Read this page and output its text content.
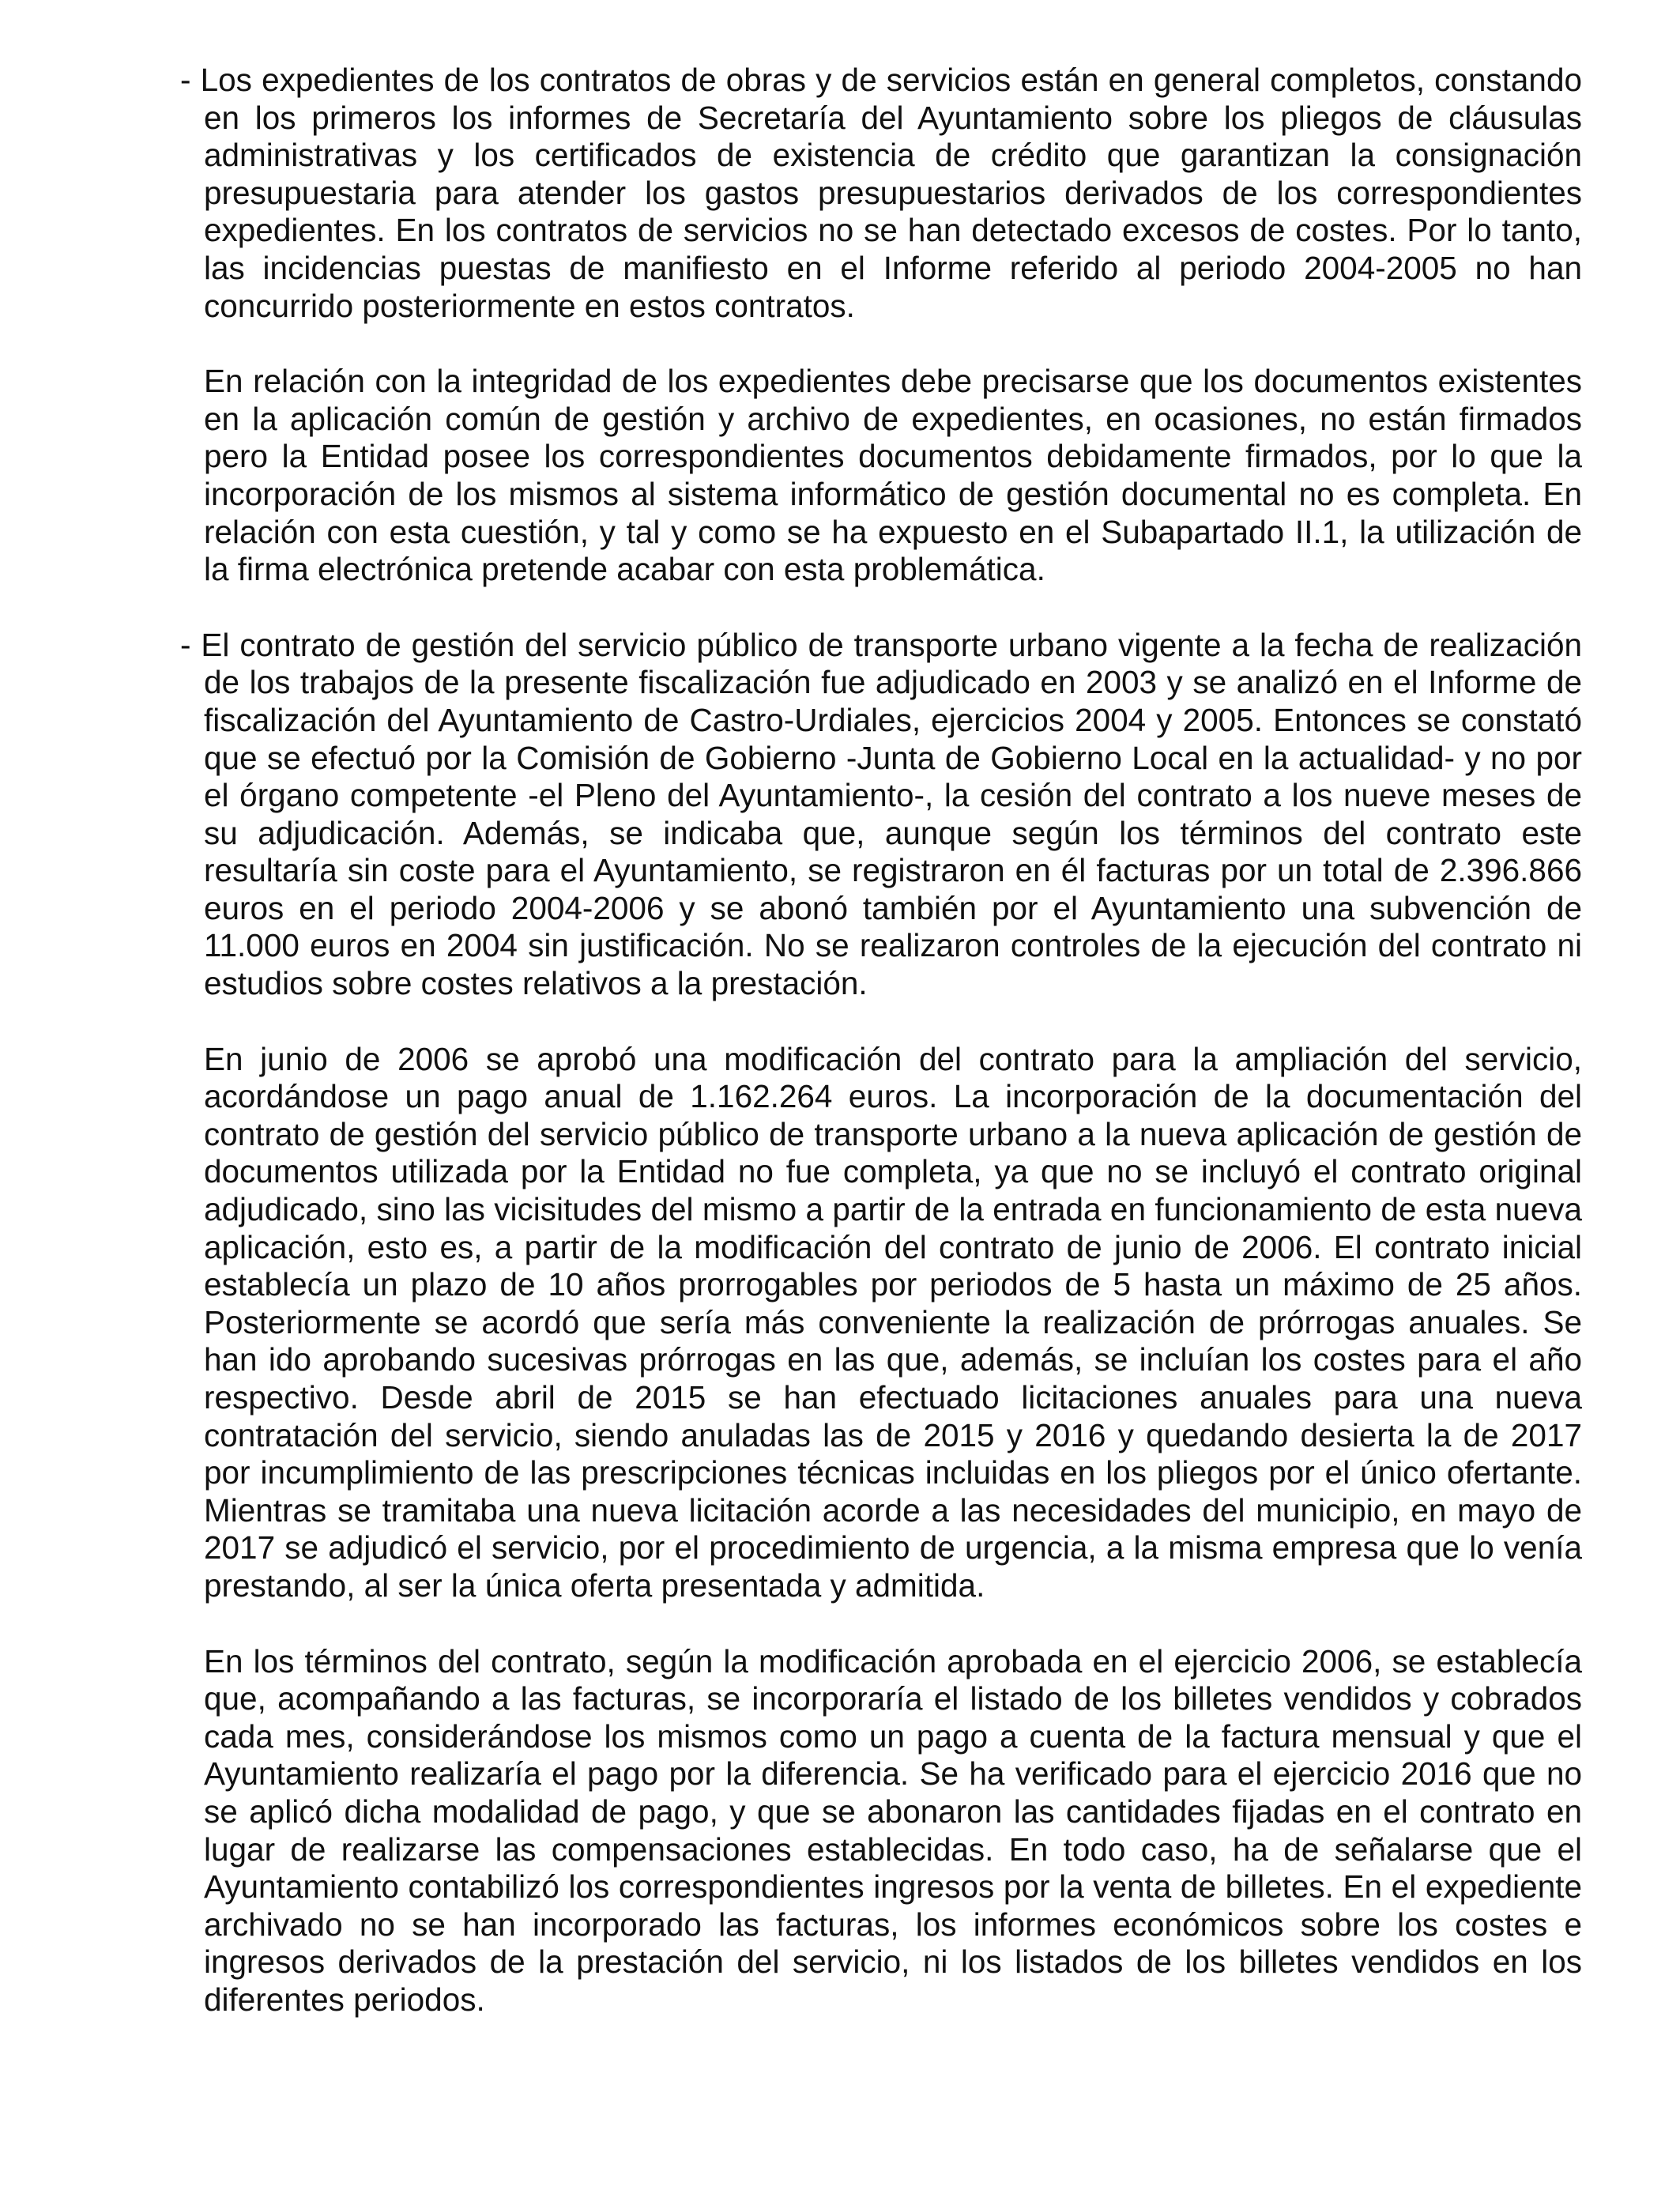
- Los expedientes de los contratos de obras y de servicios están en general completos, constando en los primeros los informes de Secretaría del Ayuntamiento sobre los pliegos de cláusulas administrativas y los certificados de existencia de crédito que garantizan la consignación presupuestaria para atender los gastos presupuestarios derivados de los correspondientes expedientes. En los contratos de servicios no se han detectado excesos de costes. Por lo tanto, las incidencias puestas de manifiesto en el Informe referido al periodo 2004-2005 no han concurrido posteriormente en estos contratos.

En relación con la integridad de los expedientes debe precisarse que los documentos existentes en la aplicación común de gestión y archivo de expedientes, en ocasiones, no están firmados pero la Entidad posee los correspondientes documentos debidamente firmados, por lo que la incorporación de los mismos al sistema informático de gestión documental no es completa. En relación con esta cuestión, y tal y como se ha expuesto en el Subapartado II.1, la utilización de la firma electrónica pretende acabar con esta problemática.

- El contrato de gestión del servicio público de transporte urbano vigente a la fecha de realización de los trabajos de la presente fiscalización fue adjudicado en 2003 y se analizó en el Informe de fiscalización del Ayuntamiento de Castro-Urdiales, ejercicios 2004 y 2005. Entonces se constató que se efectuó por la Comisión de Gobierno -Junta de Gobierno Local en la actualidad- y no por el órgano competente -el Pleno del Ayuntamiento-, la cesión del contrato a los nueve meses de su adjudicación. Además, se indicaba que, aunque según los términos del contrato este resultaría sin coste para el Ayuntamiento, se registraron en él facturas por un total de 2.396.866 euros en el periodo 2004-2006 y se abonó también por el Ayuntamiento una subvención de 11.000 euros en 2004 sin justificación. No se realizaron controles de la ejecución del contrato ni estudios sobre costes relativos a la prestación.

En junio de 2006 se aprobó una modificación del contrato para la ampliación del servicio, acordándose un pago anual de 1.162.264 euros. La incorporación de la documentación del contrato de gestión del servicio público de transporte urbano a la nueva aplicación de gestión de documentos utilizada por la Entidad no fue completa, ya que no se incluyó el contrato original adjudicado, sino las vicisitudes del mismo a partir de la entrada en funcionamiento de esta nueva aplicación, esto es, a partir de la modificación del contrato de junio de 2006. El contrato inicial establecía un plazo de 10 años prorrogables por periodos de 5 hasta un máximo de 25 años. Posteriormente se acordó que sería más conveniente la realización de prórrogas anuales. Se han ido aprobando sucesivas prórrogas en las que, además, se incluían los costes para el año respectivo. Desde abril de 2015 se han efectuado licitaciones anuales para una nueva contratación del servicio, siendo anuladas las de 2015 y 2016 y quedando desierta la de 2017 por incumplimiento de las prescripciones técnicas incluidas en los pliegos por el único ofertante. Mientras se tramitaba una nueva licitación acorde a las necesidades del municipio, en mayo de 2017 se adjudicó el servicio, por el procedimiento de urgencia, a la misma empresa que lo venía prestando, al ser la única oferta presentada y admitida.

En los términos del contrato, según la modificación aprobada en el ejercicio 2006, se establecía que, acompañando a las facturas, se incorporaría el listado de los billetes vendidos y cobrados cada mes, considerándose los mismos como un pago a cuenta de la factura mensual y que el Ayuntamiento realizaría el pago por la diferencia. Se ha verificado para el ejercicio 2016 que no se aplicó dicha modalidad de pago, y que se abonaron las cantidades fijadas en el contrato en lugar de realizarse las compensaciones establecidas. En todo caso, ha de señalarse que el Ayuntamiento contabilizó los correspondientes ingresos por la venta de billetes. En el expediente archivado no se han incorporado las facturas, los informes económicos sobre los costes e ingresos derivados de la prestación del servicio, ni los listados de los billetes vendidos en los diferentes periodos.
